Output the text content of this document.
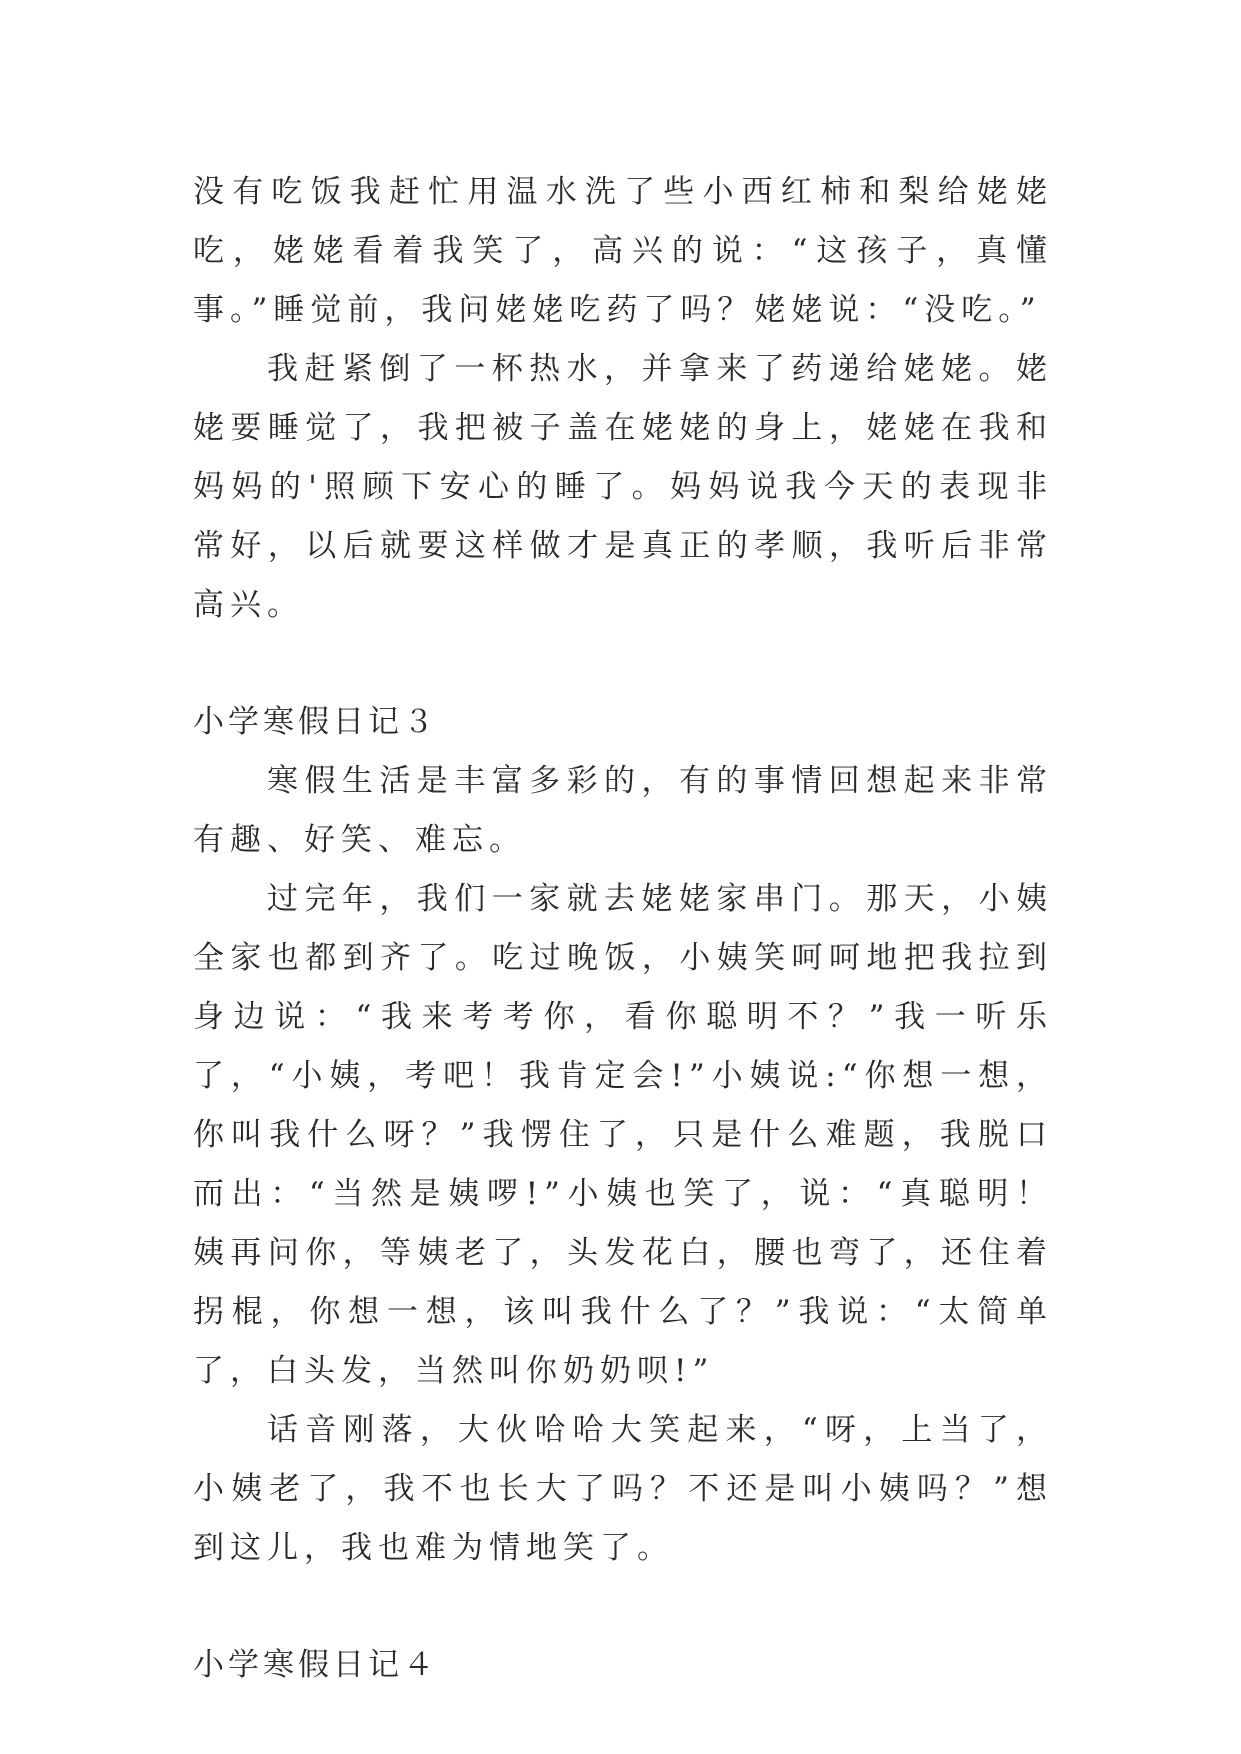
没有吃饭我赶忙用温水洗了些小西红柿和梨给姥姥吃，姥姥看着我笑了，高兴的说：“这孩子，真懂事。”睡觉前，我问姥姥吃药了吗？姥姥说：“没吃。”

我赶紧倒了一杯热水，并拿来了药递给姥姥。姥姥要睡觉了，我把被子盖在姥姥的身上，姥姥在我和妈妈的'照顾下安心的睡了。妈妈说我今天的表现非常好，以后就要这样做才是真正的孝顺，我听后非常高兴。

小学寒假日记３

寒假生活是丰富多彩的，有的事情回想起来非常有趣、好笑、难忘。

过完年，我们一家就去姥姥家串门。那天，小姨全家也都到齐了。吃过晚饭，小姨笑呵呵地把我拉到身边说：“我来考考你，看你聪明不？”我一听乐了，“小姨，考吧！我肯定会!”小姨说:“你想一想，你叫我什么呀？”我愣住了，只是什么难题，我脱口而出：“当然是姨啰!”小姨也笑了，说：“真聪明！姨再问你，等姨老了，头发花白，腰也弯了，还住着拐棍，你想一想，该叫我什么了？”我说：“太简单了，白头发，当然叫你奶奶呗!”

话音刚落，大伙哈哈大笑起来，“呀，上当了，小姨老了，我不也长大了吗？不还是叫小姨吗？”想到这儿，我也难为情地笑了。

小学寒假日记４
